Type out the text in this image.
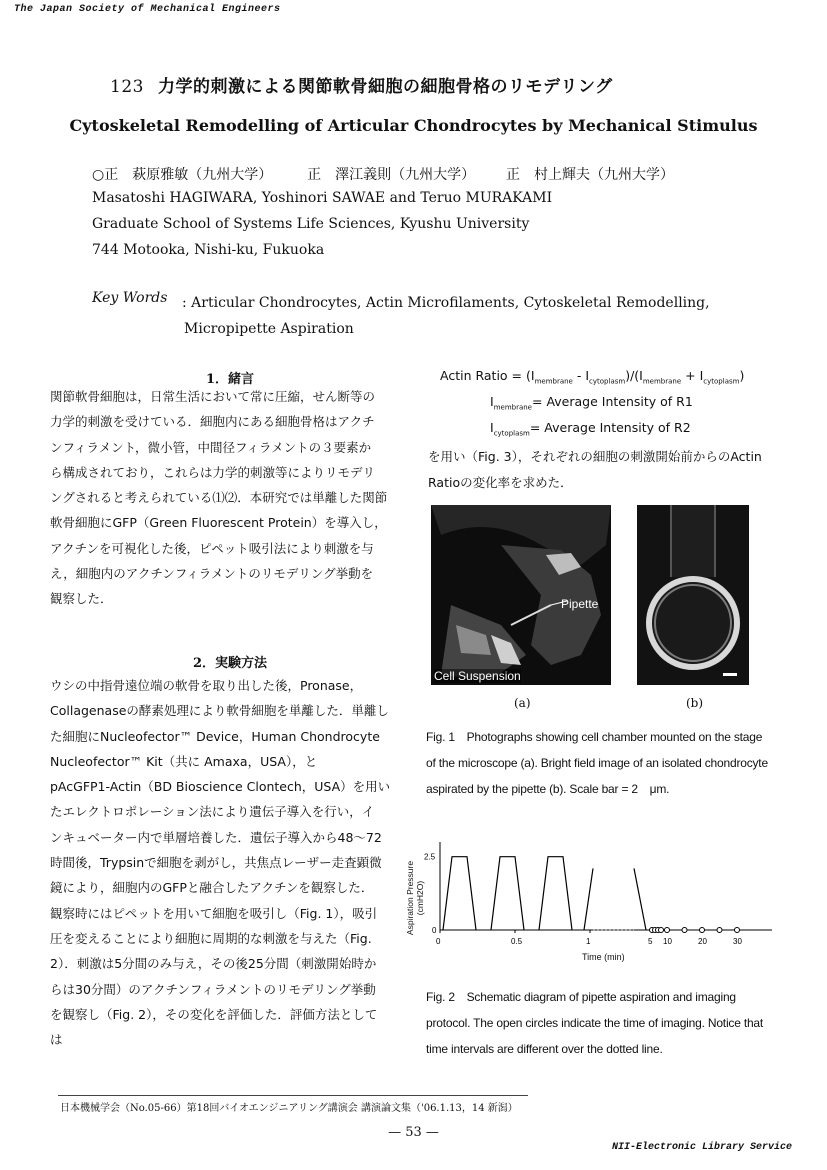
The Japan Society of Mechanical Engineers
123 力学的刺激による関節軟骨細胞の細胞骨格のリモデリング
Cytoskeletal Remodelling of Articular Chondrocytes by Mechanical Stimulus
○正　萩原雅敏（九州大学） 正　澤江義則（九州大学） 正　村上輝夫（九州大学）
Masatoshi HAGIWARA, Yoshinori SAWAE and Teruo MURAKAMI
Graduate School of Systems Life Sciences, Kyushu University
744 Motooka, Nishi-ku, Fukuoka
Key Words : Articular Chondrocytes, Actin Microfilaments, Cytoskeletal Remodelling,
Micropipette Aspiration
1．緒言
関節軟骨細胞は，日常生活において常に圧縮，せん断等の
力学的刺激を受けている．細胞内にある細胞骨格はアクチ
ンフィラメント，微小管，中間径フィラメントの３要素か
ら構成されており，これらは力学的刺激等によりリモデリ
ングされると考えられている⑴⑵．本研究では単離した関節
軟骨細胞にGFP（Green Fluorescent Protein）を導入し，
アクチンを可視化した後，ピペット吸引法により刺激を与
え，細胞内のアクチンフィラメントのリモデリング挙動を
観察した．
2．実験方法
ウシの中指骨遠位端の軟骨を取り出した後，Pronase，
Collagenaseの酵素処理により軟骨細胞を単離した．単離し
た細胞にNucleofector™ Device，Human Chondrocyte
Nucleofector™ Kit（共に Amaxa，USA），と
pAcGFP1-Actin（BD Bioscience Clontech，USA）を用い
たエレクトロポレーション法により遺伝子導入を行い，イ
ンキュベーター内で単層培養した．遺伝子導入から48〜72
時間後，Trypsinで細胞を剥がし，共焦点レーザー走査顕微
鏡により，細胞内のGFPと融合したアクチンを観察した．
観察時にはピペットを用いて細胞を吸引し（Fig. 1），吸引
圧を変えることにより細胞に周期的な刺激を与えた（Fig.
2）．刺激は5分間のみ与え，その後25分間（刺激開始時か
らは30分間）のアクチンフィラメントのリモデリング挙動
を観察し（Fig. 2），その変化を評価した．評価方法として
は
Actin Ratio = $(I_{membrane} - I_{cytoplasm})/(I_{membrane} + I_{cytoplasm})$
$I_{membrane}=$ Average Intensity of R1
$I_{cytoplasm}=$ Average Intensity of R2
を用い（Fig. 3），それぞれの細胞の刺激開始前からのActin
Ratioの変化率を求めた．
Pipette
Cell Suspension
(a)	(b)
Fig. 1　Photographs showing cell chamber mounted on the stage
of the microscope (a). Bright field image of an isolated chondrocyte
aspirated by the pipette (b). Scale bar = 2　μm.
2.5
0
0	0.5	1	5 10	20	30
Aspiration Pressure (cmH2O)
Time (min)
Fig. 2　Schematic diagram of pipette aspiration and imaging
protocol. The open circles indicate the time of imaging. Notice that
time intervals are different over the dotted line.
日本機械学会（No.05-66）第18回バイオエンジニアリング講演会 講演論文集（'06.1.13，14 新潟）
— 53 —
NII-Electronic Library Service
